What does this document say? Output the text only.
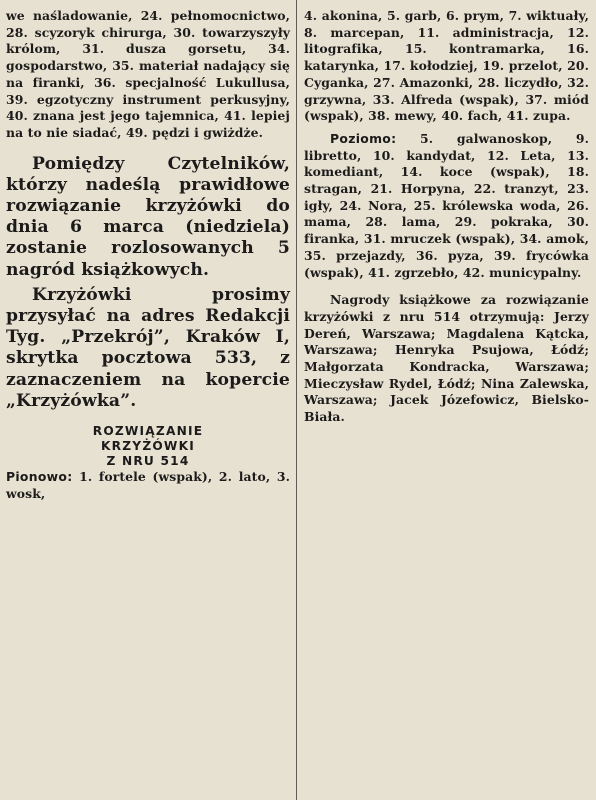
we naśladowanie, 24. pełnomocnictwo, 28. scyzoryk chirurga, 30. towarzyszyły królom, 31. dusza gorsetu, 34. gospodarstwo, 35. materiał nadający się na firanki, 36. specjalność Lukullusa, 39. egzotyczny instrument perkusyjny, 40. znana jest jego tajemnica, 41. lepiej na to nie siadać, 49. pędzi i gwiżdże.

Pomiędzy Czytelników, którzy nadeślą prawidłowe rozwiązanie krzyżówki do dnia 6 marca (niedziela) zostanie rozlosowanych 5 nagród książkowych.

Krzyżówki prosimy przysyłać na adres Redakcji Tyg. „Przekrój”, Kraków I, skrytka pocztowa 533, z zaznaczeniem na kopercie „Krzyżówka”.

ROZWIĄZANIE

KRZYŻÓWKI

Z NRU 514

Pionowo: 1. fortele (wspak), 2. lato, 3. wosk,

4. akonina, 5. garb, 6. prym, 7. wiktuały, 8. marcepan, 11. administracja, 12. litografika, 15. kontramarka, 16. katarynka, 17. kołodziej, 19. przelot, 20. Cyganka, 27. Amazonki, 28. liczydło, 32. grzywna, 33. Alfreda (wspak), 37. miód (wspak), 38. mewy, 40. fach, 41. zupa.

Poziomo: 5. galwanoskop, 9. libretto, 10. kandydat, 12. Leta, 13. komediant, 14. koce (wspak), 18. stragan, 21. Horpyna, 22. tranzyt, 23. igły, 24. Nora, 25. królewska woda, 26. mama, 28. lama, 29. pokraka, 30. firanka, 31. mruczek (wspak), 34. amok, 35. przejazdy, 36. pyza, 39. frycówka (wspak), 41. zgrzebło, 42. municypalny.

Nagrody książkowe za rozwiązanie krzyżówki z nru 514 otrzymują: Jerzy Dereń, Warszawa; Magdalena Kątcka, Warszawa; Henryka Psujowa, Łódź; Małgorzata Kondracka, Warszawa; Mieczysław Rydel, Łódź; Nina Zalewska, Warszawa; Jacek Józefowicz, Bielsko-Biała.
